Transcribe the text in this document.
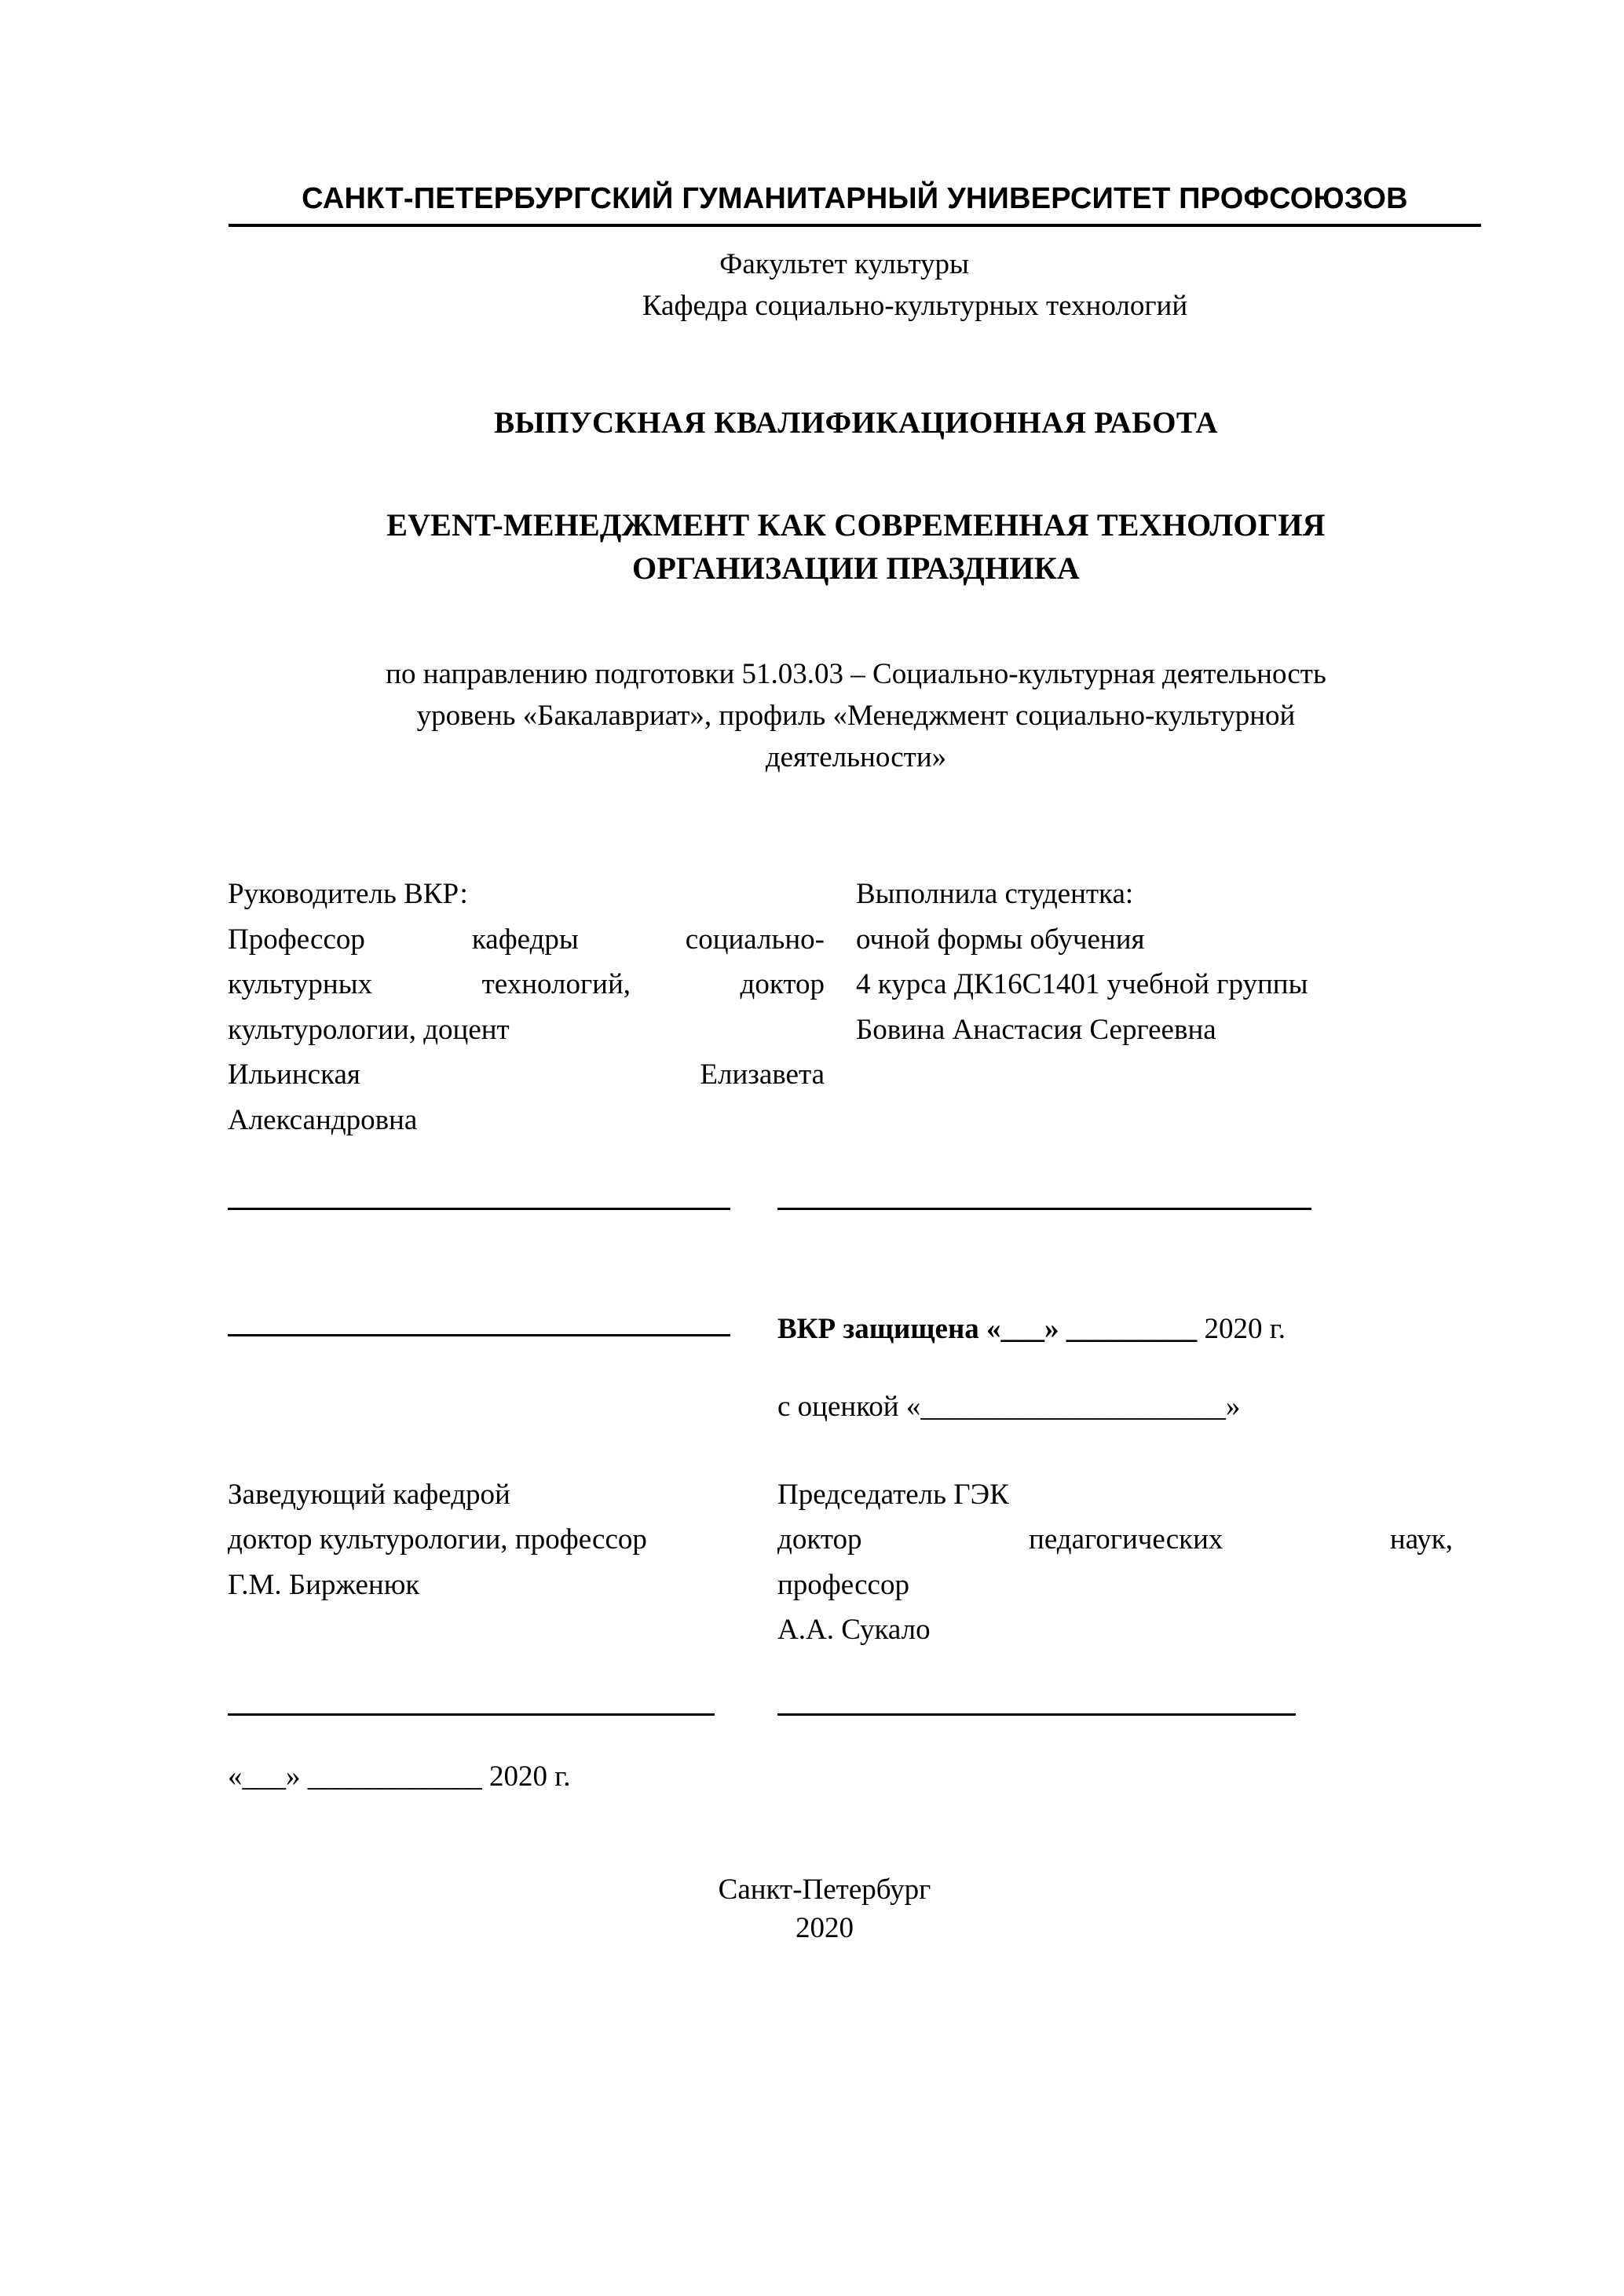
САНКТ-ПЕТЕРБУРГСКИЙ ГУМАНИТАРНЫЙ УНИВЕРСИТЕТ ПРОФСОЮЗОВ
Факультет культуры
Кафедра социально-культурных технологий
ВЫПУСКНАЯ КВАЛИФИКАЦИОННАЯ РАБОТА
EVENT-МЕНЕДЖМЕНТ КАК СОВРЕМЕННАЯ ТЕХНОЛОГИЯ
ОРГАНИЗАЦИИ ПРАЗДНИКА
по направлению подготовки 51.03.03 – Социально-культурная деятельность
уровень «Бакалавриат», профиль «Менеджмент социально-культурной
деятельности»

Руководитель ВКР:

Профессор кафедры социально-

культурных технологий, доктор

культурологии, доцент

Ильинская Елизавета

Александровна

Выполнила студентка:

очной формы обучения

4 курса ДК16С1401 учебной группы

Бовина Анастасия Сергеевна

ВКР защищена «___» _________ 2020 г.
с оценкой «_____________________»

Заведующий кафедрой

доктор культурологии, профессор

Г.М. Бирженюк

Председатель ГЭК

доктор педагогических наук,

профессор

А.А. Сукало

«___» ____________ 2020 г.
Санкт-Петербург
2020
